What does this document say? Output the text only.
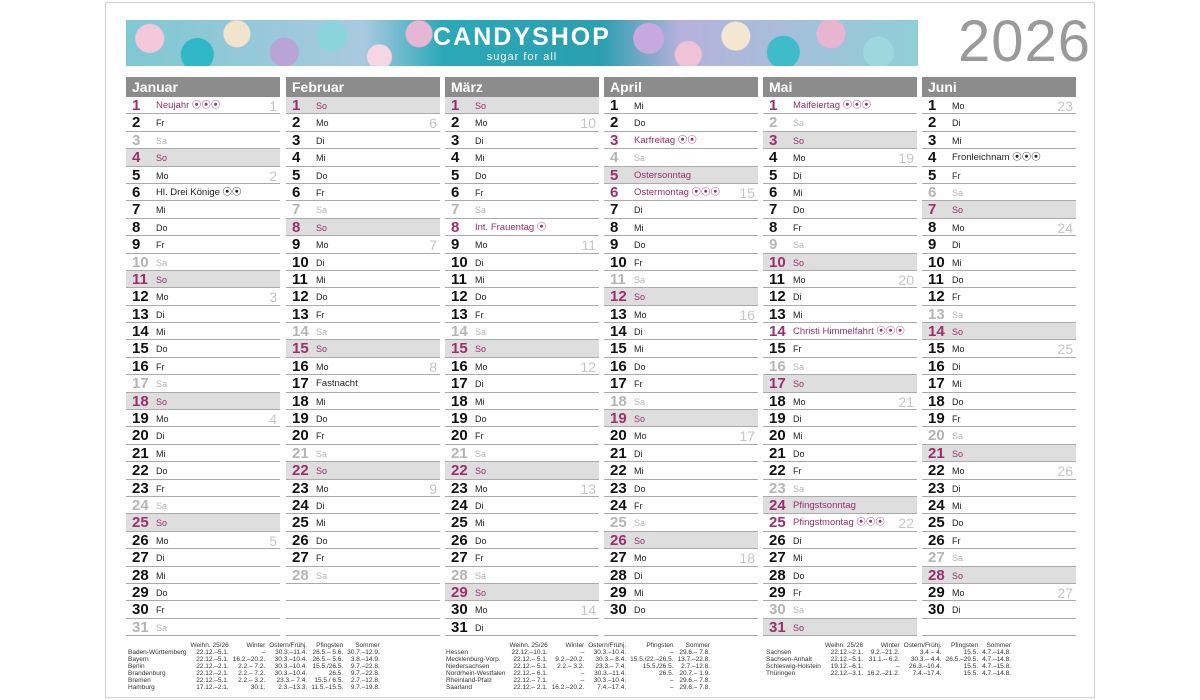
CANDYSHOP
sugar for all	2026
Januar
1	Neujahr ⦿⦿⦿	1
2	Fr
3	Sa
4	So
5	Mo	2
6	Hl. Drei Könige ⦿⦿
7	Mi
8	Do
9	Fr
10 Sa
11 So
12 Mo	3
13 Di
14 Mi
15 Do
16 Fr
17 Sa
18 So
19 Mo	4
20 Di
21 Mi
22 Do
23 Fr
24 Sa
25 So
26 Mo	5
27 Di
28 Mi
29 Do
30 Fr
31 Sa
Februar
1	So
2	Mo	6
3	Di
4	Mi
5	Do
6	Fr
7	Sa
8	So
9	Mo	7
10 Di
11 Mi
12 Do
13 Fr
14 Sa
15 So
16 Mo	8
17 Fastnacht
18 Mi
19 Do
20 Fr
21 Sa
22 So
23 Mo	9
24 Di
25 Mi
26 Do
27 Fr
28 Sa
März
1	So
2	Mo	10
3	Di
4	Mi
5	Do
6	Fr
7	Sa
8	Int. Frauentag ⦿
9	Mo	11
10 Di
11 Mi
12 Do
13 Fr
14 Sa
15 So
16 Mo	12
17 Di
18 Mi
19 Do
20 Fr
21 Sa
22 So
23 Mo	13
24 Di
25 Mi
26 Do
27 Fr
28 Sa
29 So
30 Mo	14
31 Di
April
1	Mi
2	Do
3	Karfreitag ⦿⦿
4	Sa
5	Ostersonntag
6	Ostermontag ⦿⦿⦿ 15
7	Di
8	Mi
9	Do
10 Fr
11 Sa
12 So
13 Mo	16
14 Di
15 Mi
16 Do
17 Fr
18 Sa
19 So
20 Mo	17
21 Di
22 Mi
23 Do
24 Fr
25 Sa
26 So
27 Mo	18
28 Di
29 Mi
30 Do
Mai
1	Maifeiertag ⦿⦿⦿
2	Sa
3	So
4	Mo	19
5	Di
6	Mi
7	Do
8	Fr
9	Sa
10 So
11 Mo	20
12 Di
13 Mi
14 Christi Himmelfahrt ⦿⦿⦿
15 Fr
16 Sa
17 So
18 Mo	21
19 Di
20 Mi
21 Do
22 Fr
23 Sa
24 Pfingstsonntag
25 Pfingstmontag ⦿⦿⦿ 22
26 Di
27 Mi
28 Do
29 Fr
30 Sa
31 So
Juni
1	Mo	23
2	Di
3	Mi
4	Fronleichnam ⦿⦿⦿
5	Fr
6	Sa
7	So
8	Mo	24
9	Di
10 Mi
11 Do
12 Fr
13 Sa
14 So
15 Mo	25
16 Di
17 Mi
18 Do
19 Fr
20 Sa
21 So
22 Mo	26
23 Di
24 Mi
25 Do
26 Fr
27 Sa
28 So
29 Mo	27
30 Di
	Weihn. 25/26	Winter	Ostern/Frühj.	Pfingsten	Sommer
Baden-Württemberg	22.12.–5.1.	–	30.3.–11.4.	26.5.– 5.6.	30.7.–12.9.
Bayern	22.12.–5.1.	16.2.–20.2.	30.3.–10.4.	26.5.– 5.6.	3.8.–14.9.
Berlin	22.12.–2.1.	2.2.– 7.2.	30.3.–10.4.	15.5./26.5.	9.7.–22.8.
Brandenburg	22.12.–2.1.	2.2.– 7.2.	30.3.–10.4.	26.5.	9.7.–22.8.
Bremen	22.12.–5.1.	2.2.– 3.2.	23.3.– 7.4.	15.5./ 6.5.	2.7.–12.8.
Hamburg	17.12.–2.1.	30.1.	2.3.–13.3.	11.5.–15.5.	9.7.–19.8.
	Weihn. 25/26	Winter	Ostern/Frühj.	Pfingsten	Sommer
Hessen	22.12.–10.1.	–	30.3.–10.4.	–	29.6.– 7.8.
Mecklenburg-Vorp.	22.12.– 5.1.	9.2.–20.2.	30.3.– 8.4.	15.5./22.–26.5.	13.7.–22.8.
Niedersachsen	22.12.– 5.1.	2.2.– 3.2.	23.3.– 7.4.	15.5./26.5.	2.7.–12.8.
Nordrhein-Westfalen	22.12.– 6.1.	–	30.3.–11.4.	26.5.	20.7.– 1.9.
Rheinland-Pfalz	22.12.– 7.1.	–	30.3.–10.4.	–	29.6.– 7.8.
Saarland	22.12.– 2.1.	16.2.–20.2.	7.4.–17.4.	–	29.6.– 7.8.
	Weihn. 25/26	Winter	Ostern/Frühj.	Pfingsten	Sommer
Sachsen	22.12.–2.1.	9.2.–21.2.	3.4.– 4.	15.5.	4.7.–14.8.
Sachsen-Anhalt	22.12.–5.1.	31.1.– 6.2.	30.3.– 4.4.	26.5.–29.5.	4.7.–14.8.
Schleswig-Holstein	19.12.–6.1.	–	26.3.–10.4.	15.5.	4.7.–15.8.
Thüringen	22.12.–3.1.	16.2.–21.2.	7.4.–17.4.	15.5.	4.7.–14.8.
